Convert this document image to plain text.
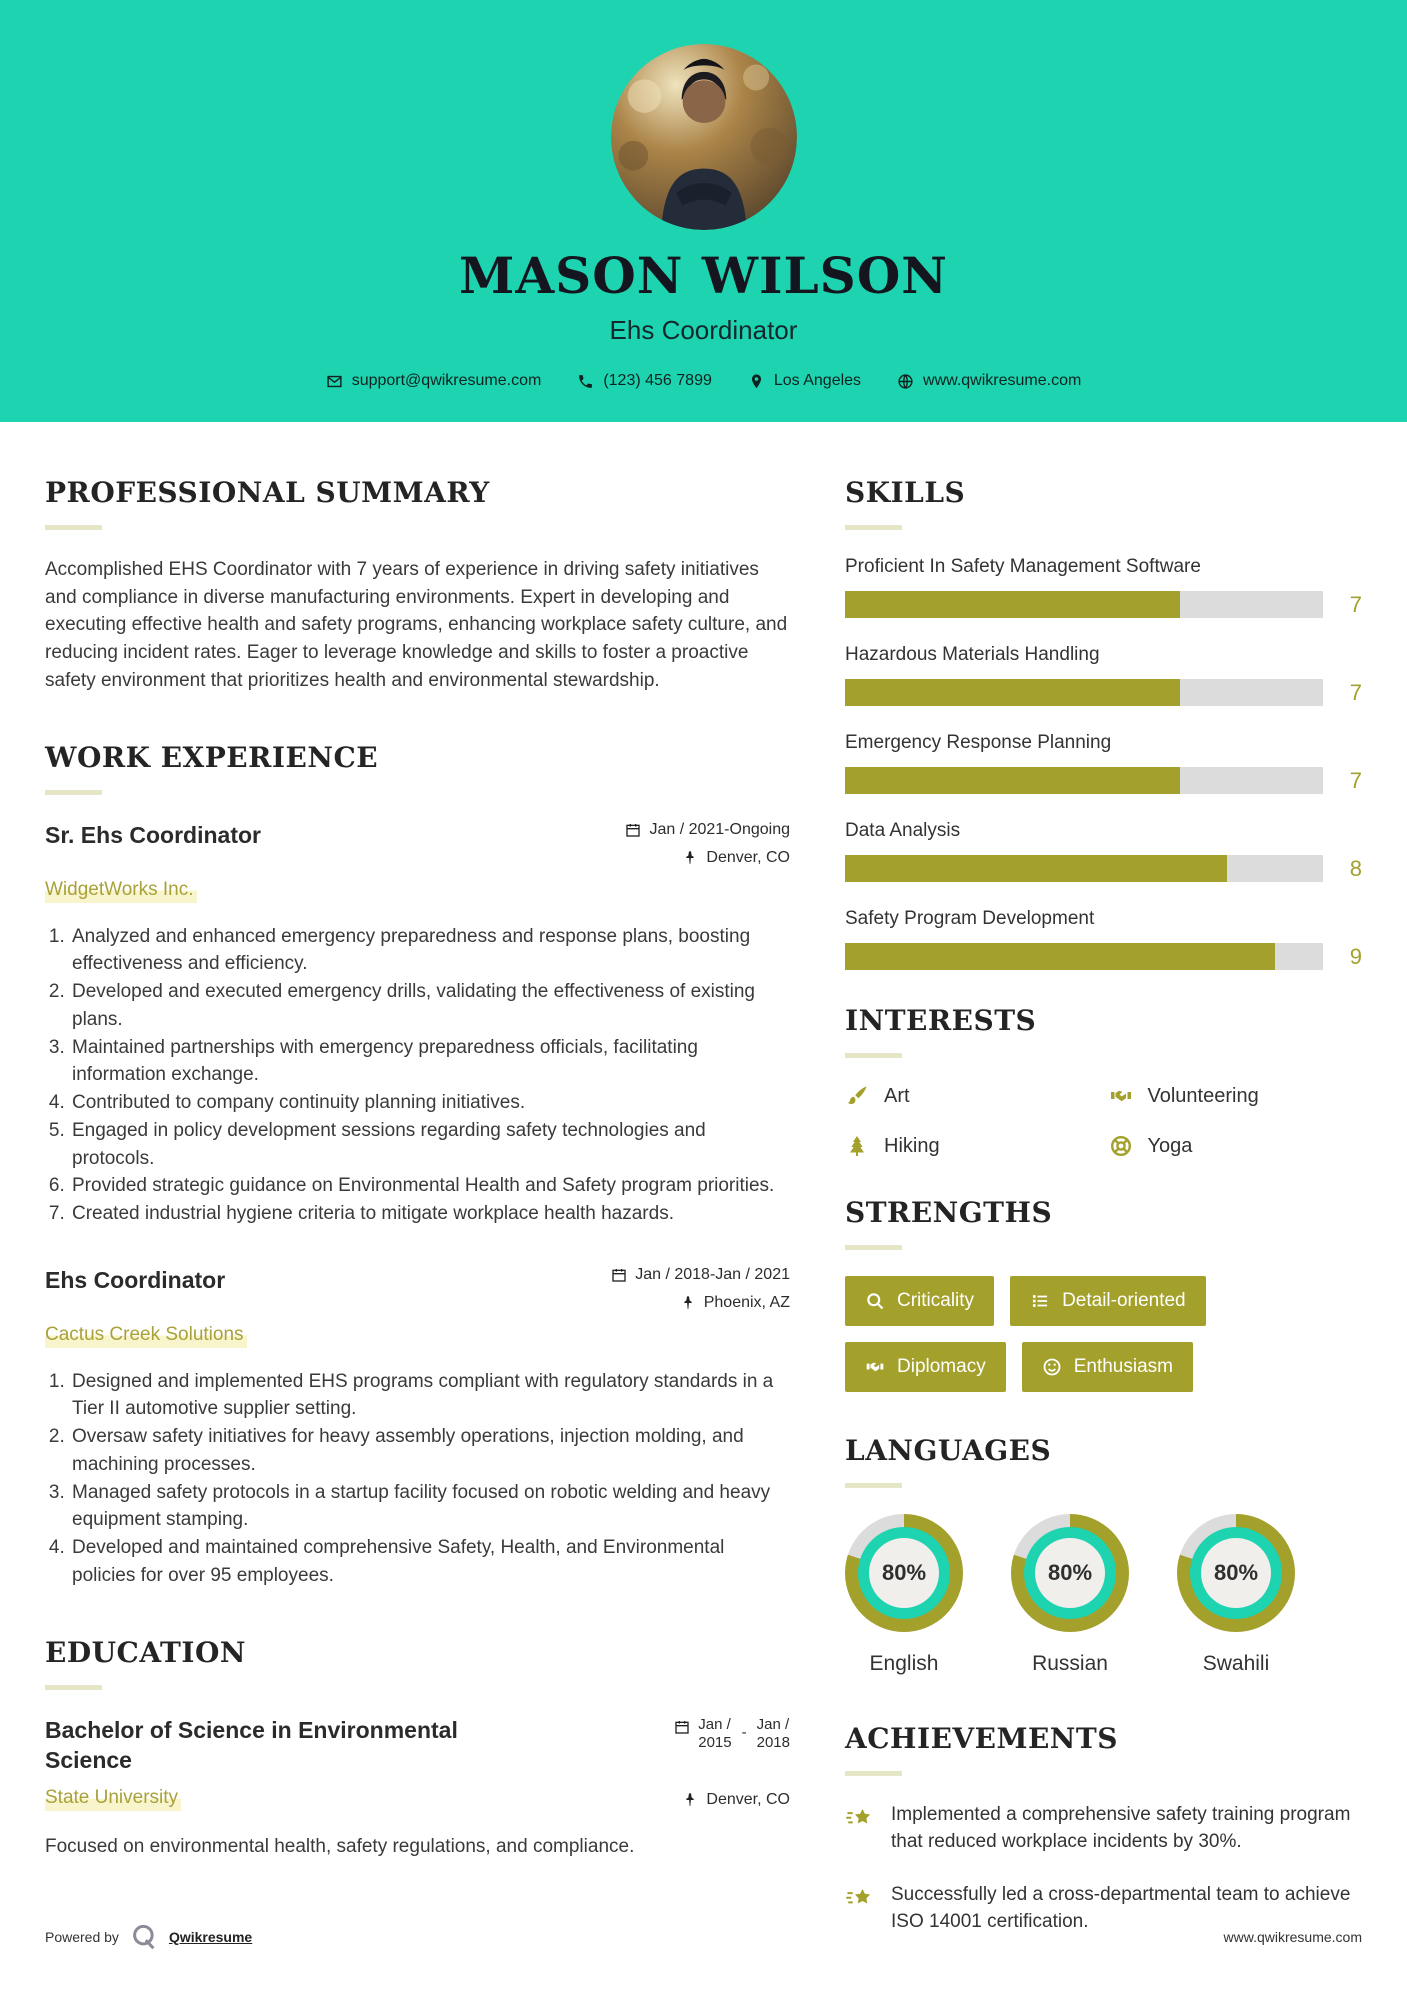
MASON WILSON
Ehs Coordinator
support@qwikresume.com	(123) 456 7899	Los Angeles	www.qwikresume.com
PROFESSIONAL SUMMARY

Accomplished EHS Coordinator with 7 years of experience in driving safety initiatives and compliance in diverse manufacturing environments. Expert in developing and executing effective health and safety programs, enhancing workplace safety culture, and reducing incident rates. Eager to leverage knowledge and skills to foster a proactive safety environment that prioritizes health and environmental stewardship.

WORK EXPERIENCE
Sr. Ehs Coordinator	Jan / 2021-Ongoing
Denver, CO
WidgetWorks Inc.
1. Analyzed and enhanced emergency preparedness and response plans, boosting effectiveness and efficiency.
2. Developed and executed emergency drills, validating the effectiveness of existing plans.
3. Maintained partnerships with emergency preparedness officials, facilitating information exchange.
4. Contributed to company continuity planning initiatives.
5. Engaged in policy development sessions regarding safety technologies and protocols.
6. Provided strategic guidance on Environmental Health and Safety program priorities.
7. Created industrial hygiene criteria to mitigate workplace health hazards.
Ehs Coordinator	Jan / 2018-Jan / 2021
Phoenix, AZ
Cactus Creek Solutions
1. Designed and implemented EHS programs compliant with regulatory standards in a Tier II automotive supplier setting.
2. Oversaw safety initiatives for heavy assembly operations, injection molding, and machining processes.
3. Managed safety protocols in a startup facility focused on robotic welding and heavy equipment stamping.
4. Developed and maintained comprehensive Safety, Health, and Environmental policies for over 95 employees.
EDUCATION
Bachelor of Science in Environmental Science
Jan /
2015
- Jan /
2018
State University	Denver, CO
Focused on environmental health, safety regulations, and compliance.
SKILLS
Proficient In Safety Management Software
7
Hazardous Materials Handling
7
Emergency Response Planning
7
Data Analysis
8
Safety Program Development
9
INTERESTS
Art	Volunteering
Hiking	Yoga
STRENGTHS
Criticality	Detail-oriented
Diplomacy	Enthusiasm
LANGUAGES
80%
English
80%
Russian
80%
Swahili
ACHIEVEMENTS
Implemented a comprehensive safety training program that reduced workplace incidents by 30%.
Successfully led a cross-departmental team to achieve ISO 14001 certification.
Powered by	Qwikresume	www.qwikresume.com
